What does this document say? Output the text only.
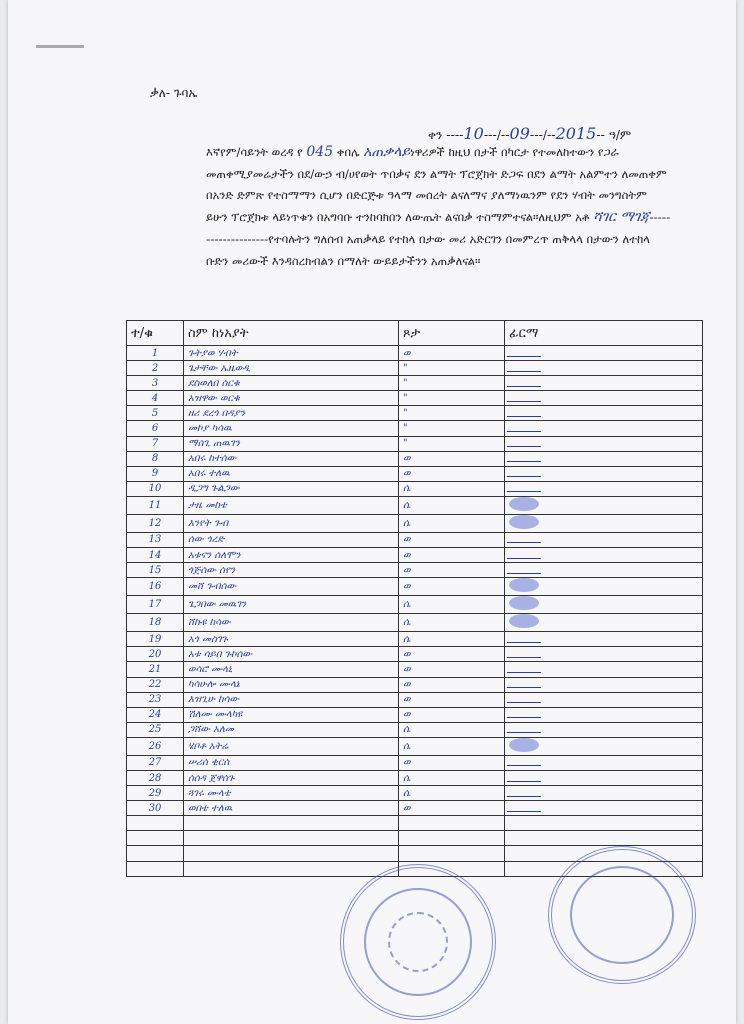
ቃለ- ጉባኤ
ቀን ----10---/--09---/--2015-- ዓ/ም
እኛየም/ሳይንት ወረዳ የ 045 ቀበሌ አጠቃላይነዋሪዎች ከዚህ በታች በካርታ የተመለከተውን የጋራ መጠቀሚያመሬታችን በደ/ውኃ ብ/ሀየወት ጥበቃና ደን ልማት ፕሮጀክት ድጋፍ በደን ልማት አልምተን ለመጠቀም በአንድ ድምጽ የተስማማን ሲሆን በድርጅቱ ዓላማ መሰረት ልናለማና ያለማነዉንም የደን ሃብት መንግስትም ይሁን ፕሮጀክቱ ላይነጥቁን በአግባቡ ተንከባክበን ለውጤት ልናበቃ ተስማምተናል።ለዚህም አቶ ሻገር ማገጃ--------------------የተባሉትን ግለሰብ አጠቃላይ የተከላ በታው መሪ አድርገን በመምረጥ ጠቅላላ በታውን ለተከላ ቡድን መሪውች እንዳስረክብልን በማለት ውይይታችንን አጠቃለናል።
ተ/ቁ	ስም ከነአያት	ጾታ	ፊርማ
1	ጉትያወ ሃብት	ወ	
2	ጌታቸው ኤዜወዲ	"	
3	ደስወለበ ሰርቁ	"	
4	አዝዋው ወርቁ	"	
5	ዘሪ ደረጎ በዳያን	"	
6	መኮያ ካሳዉ	"	
7	ማሰጊ ጠዉገን	"	
8	አበሩ ከተሰው	ወ	
9	አበሩ ተለዉ	ወ	
10	ዲጋግ ጉልጋው	ሴ	
11	ታዜ መከቴ	ሴ	
12	እንየት ጉብ	ሴ	
13	ሰው ጎረድ	ወ	
14	አቱናን ሰለሞን	ወ	
15	ጎጅሰው ሰየን	ወ	
16	መሸ ጉብሰው	ወ	
17	ጌጋበው መዉገን	ሴ	
18	ሸኩዩ ከሳው	ሴ	
19	አጎ መስገጉ	ሴ	
20	አቱ ሳይበ ጉኮሰው	ወ	
21	ወሳሮ ሙላኒ	ወ	
22	ካሳሁሎ ሙላኔ	ወ	
23	እዝጊሁ ከሳው	ወ	
24	ሽለሙ ሙላካዩ	ወ	
25	ጋሸው አለመ	ሴ	
26	ሄቦቶ አትሬ	ሴ	
27	ሠሪሰ ቂርሰ	ወ	
28	ሰሰዳ ጀዋሰጉ	ሴ	
29	ጓገሩ ሙላቴ	ሴ	
30	ወበቴ ተለዉ	ወ	
